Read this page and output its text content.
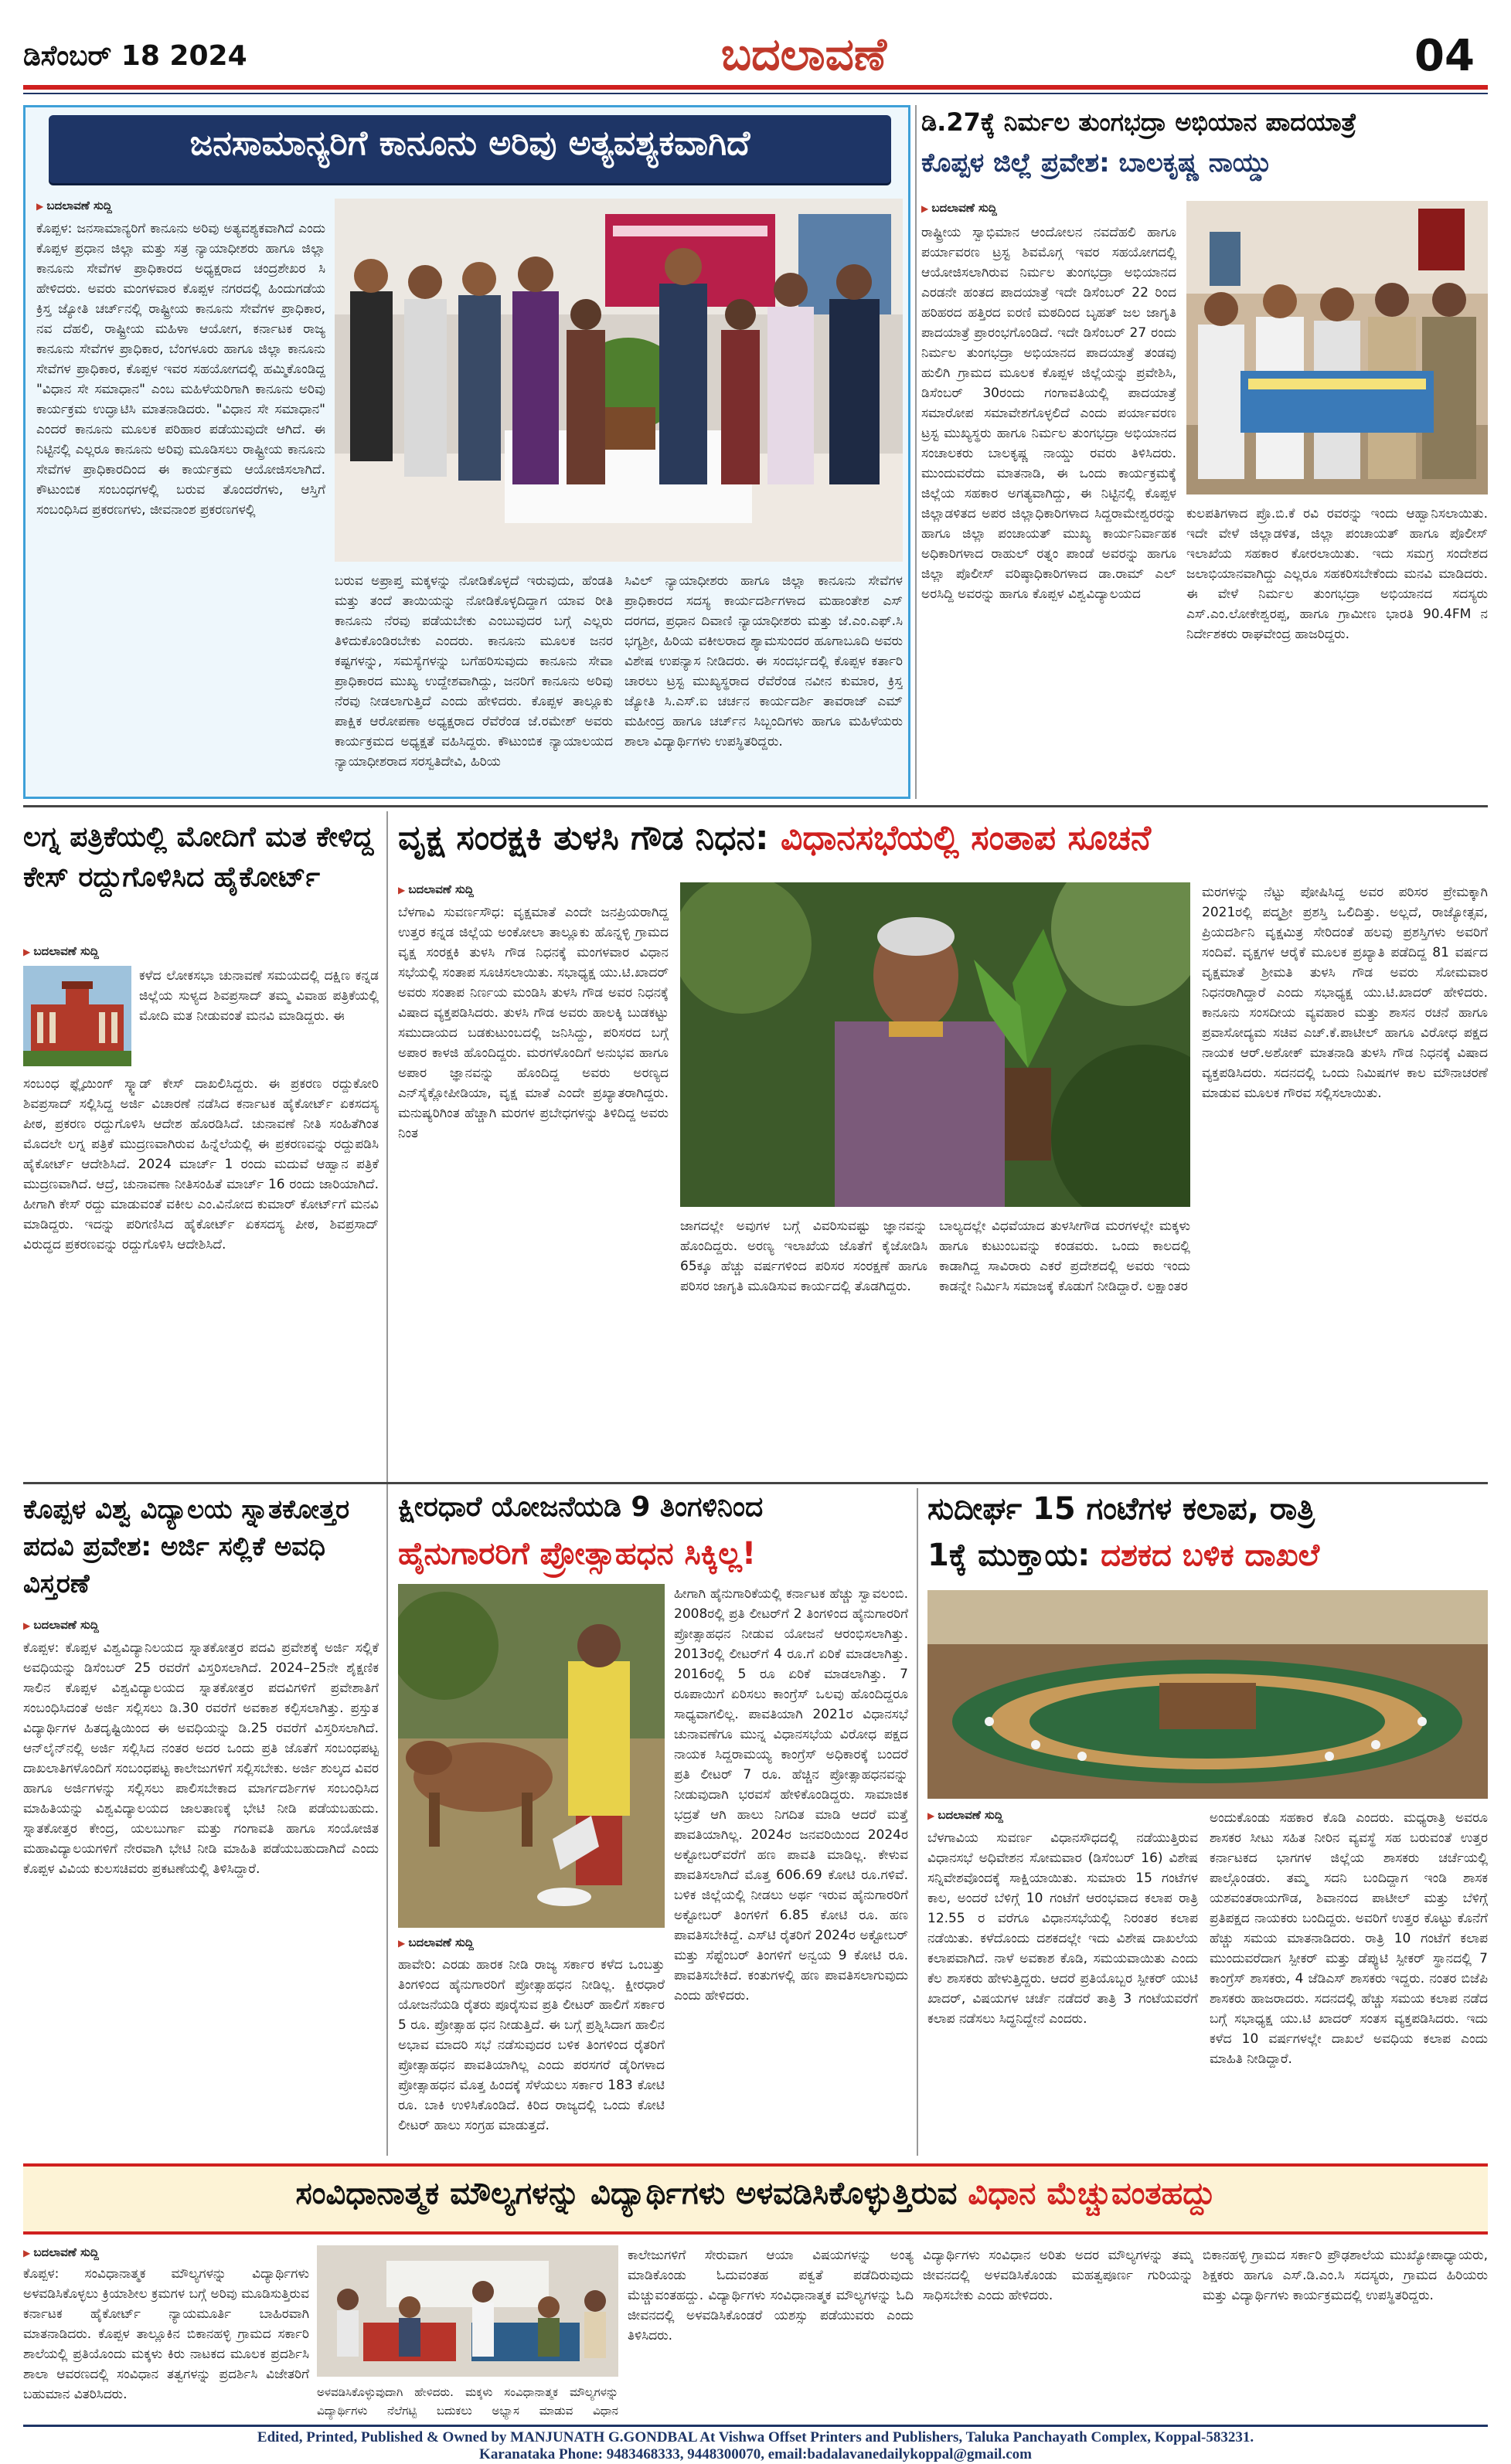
ಡಿಸೆಂಬರ್ 18 2024	ಬದಲಾವಣೆ	04
ಜನಸಾಮಾನ್ಯರಿಗೆ ಕಾನೂನು ಅರಿವು ಅತ್ಯವಶ್ಯಕವಾಗಿದೆ
▶ ಬದಲಾವಣೆ ಸುದ್ದಿ
ಕೊಪ್ಪಳ: ಜನಸಾಮಾನ್ಯರಿಗೆ ಕಾನೂನು ಅರಿವು ಅತ್ಯವಶ್ಯಕವಾಗಿದೆ ಎಂದು ಕೊಪ್ಪಳ ಪ್ರಧಾನ ಜಿಲ್ಲಾ ಮತ್ತು ಸತ್ರ ನ್ಯಾಯಾಧೀಶರು ಹಾಗೂ ಜಿಲ್ಲಾ ಕಾನೂನು ಸೇವೆಗಳ ಪ್ರಾಧಿಕಾರದ ಅಧ್ಯಕ್ಷರಾದ ಚಂದ್ರಶೇಖರ ಸಿ ಹೇಳಿದರು. ಅವರು ಮಂಗಳವಾರ ಕೊಪ್ಪಳ ನಗರದಲ್ಲಿ ಹಿಂದುಗಡೆಯ ಕ್ರಿಸ್ತ ಜ್ಯೋತಿ ಚರ್ಚ್‌ನಲ್ಲಿ ರಾಷ್ಟ್ರೀಯ ಕಾನೂನು ಸೇವೆಗಳ ಪ್ರಾಧಿಕಾರ, ನವ ದೆಹಲಿ, ರಾಷ್ಟ್ರೀಯ ಮಹಿಳಾ ಆಯೋಗ, ಕರ್ನಾಟಕ ರಾಜ್ಯ ಕಾನೂನು ಸೇವೆಗಳ ಪ್ರಾಧಿಕಾರ, ಬೆಂಗಳೂರು ಹಾಗೂ ಜಿಲ್ಲಾ ಕಾನೂನು ಸೇವೆಗಳ ಪ್ರಾಧಿಕಾರ, ಕೊಪ್ಪಳ ಇವರ ಸಹಯೋಗದಲ್ಲಿ ಹಮ್ಮಿಕೊಂಡಿದ್ದ "ವಿಧಾನ ಸೇ ಸಮಾಧಾನ" ಎಂಬ ಮಹಿಳೆಯರಿಗಾಗಿ ಕಾನೂನು ಅರಿವು ಕಾರ್ಯಕ್ರಮ ಉದ್ಘಾಟಿಸಿ ಮಾತನಾಡಿದರು. "ವಿಧಾನ ಸೇ ಸಮಾಧಾನ" ಎಂದರೆ ಕಾನೂನು ಮೂಲಕ ಪರಿಹಾರ ಪಡೆಯುವುದೇ ಆಗಿದೆ. ಈ ನಿಟ್ಟಿನಲ್ಲಿ ಎಲ್ಲರೂ ಕಾನೂನು ಅರಿವು ಮೂಡಿಸಲು ರಾಷ್ಟ್ರೀಯ ಕಾನೂನು ಸೇವೆಗಳ ಪ್ರಾಧಿಕಾರದಿಂದ ಈ ಕಾರ್ಯಕ್ರಮ ಆಯೋಜಿಸಲಾಗಿದೆ. ಕೌಟುಂಬಿಕ ಸಂಬಂಧಗಳಲ್ಲಿ ಬರುವ ತೊಂದರೆಗಳು, ಆಸ್ತಿಗೆ ಸಂಬಂಧಿಸಿದ ಪ್ರಕರಣಗಳು, ಜೀವನಾಂಶ ಪ್ರಕರಣಗಳಲ್ಲಿ
ಬರುವ ಅಪ್ರಾಪ್ತ ಮಕ್ಕಳನ್ನು ನೋಡಿಕೊಳ್ಳದೆ ಇರುವುದು, ಹೆಂಡತಿ ಮತ್ತು ತಂದೆ ತಾಯಿಯನ್ನು ನೋಡಿಕೊಳ್ಳದಿದ್ದಾಗ ಯಾವ ರೀತಿ ಕಾನೂನು ನೆರವು ಪಡೆಯಬೇಕು ಎಂಬುವುದರ ಬಗ್ಗೆ ಎಲ್ಲರು ತಿಳಿದುಕೊಂಡಿರಬೇಕು ಎಂದರು. ಕಾನೂನು ಮೂಲಕ ಜನರ ಕಷ್ಟಗಳನ್ನು, ಸಮಸ್ಯೆಗಳನ್ನು ಬಗೆಹರಿಸುವುದು ಕಾನೂನು ಸೇವಾ ಪ್ರಾಧಿಕಾರದ ಮುಖ್ಯ ಉದ್ದೇಶವಾಗಿದ್ದು, ಜನರಿಗೆ ಕಾನೂನು ಅರಿವು ನೆರವು ನೀಡಲಾಗುತ್ತಿದೆ ಎಂದು ಹೇಳಿದರು. ಕೊಪ್ಪಳ ತಾಲ್ಲೂಕು ಪಾಕ್ಷಿಕ ಆರೋಪಣಾ ಅಧ್ಯಕ್ಷರಾದ ರೆವೆರೆಂಡ ಜೆ.ರಮೇಶ್ ಅವರು ಕಾರ್ಯಕ್ರಮದ ಅಧ್ಯಕ್ಷತೆ ವಹಿಸಿದ್ದರು. ಕೌಟುಂಬಿಕ ನ್ಯಾಯಾಲಯದ ನ್ಯಾಯಾಧೀಶರಾದ ಸರಸ್ವತಿದೇವಿ, ಹಿರಿಯ
ಸಿವಿಲ್ ನ್ಯಾಯಾಧೀಶರು ಹಾಗೂ ಜಿಲ್ಲಾ ಕಾನೂನು ಸೇವೆಗಳ ಪ್ರಾಧಿಕಾರದ ಸದಸ್ಯ ಕಾರ್ಯದರ್ಶಿಗಳಾದ ಮಹಾಂತೇಶ ಎಸ್ ದರಗದ, ಪ್ರಧಾನ ದಿವಾಣಿ ನ್ಯಾಯಾಧೀಶರು ಮತ್ತು ಜೆ.ಎಂ.ಎಫ್.ಸಿ ಭಗ್ಯಶ್ರೀ, ಹಿರಿಯ ವಕೀಲರಾದ ಶ್ಯಾಮಸುಂದರ ಹೂಗಾಬೂದಿ ಅವರು ವಿಶೇಷ ಉಪನ್ಯಾಸ ನೀಡಿದರು. ಈ ಸಂದರ್ಭದಲ್ಲಿ ಕೊಪ್ಪಳ ಕರ್ತಾರಿ ಚಾರಲು ಟ್ರಸ್ಟ ಮುಖ್ಯಸ್ಥರಾದ ರೆವೆರೆಂಡ ನವೀನ ಕುಮಾರ, ಕ್ರಿಸ್ತ ಜ್ಯೋತಿ ಸಿ.ಎಸ್.ಐ ಚರ್ಚನ ಕಾರ್ಯದರ್ಶಿ ತಾವರಾಜ್ ಎಮ್ ಮಹೀಂದ್ರ ಹಾಗೂ ಚರ್ಚ್‌ನ ಸಿಬ್ಬಂದಿಗಳು ಹಾಗೂ ಮಹಿಳೆಯರು ಶಾಲಾ ವಿದ್ಯಾರ್ಥಿಗಳು ಉಪಸ್ಥಿತರಿದ್ದರು.
ಡಿ.27ಕ್ಕೆ ನಿರ್ಮಲ ತುಂಗಭದ್ರಾ ಅಭಿಯಾನ ಪಾದಯಾತ್ರೆ
ಕೊಪ್ಪಳ ಜಿಲ್ಲೆ ಪ್ರವೇಶ: ಬಾಲಕೃಷ್ಣ ನಾಯ್ಡು
▶ ಬದಲಾವಣೆ ಸುದ್ದಿ
ರಾಷ್ಟ್ರೀಯ ಸ್ವಾಭಿಮಾನ ಆಂದೋಲನ ನವದೆಹಲಿ ಹಾಗೂ ಪರ್ಯಾವರಣ ಟ್ರಸ್ಟ ಶಿವಮೊಗ್ಗ ಇವರ ಸಹಯೋಗದಲ್ಲಿ ಆಯೋಜಿಸಲಾಗಿರುವ ನಿರ್ಮಲ ತುಂಗಭದ್ರಾ ಅಭಿಯಾನದ ಎರಡನೇ ಹಂತದ ಪಾದಯಾತ್ರೆ ಇದೇ ಡಿಸೆಂಬರ್ 22 ರಿಂದ ಹರಿಹರದ ಹತ್ತಿರದ ಐರಣಿ ಮಠದಿಂದ ಬೃಹತ್ ಜಲ ಜಾಗೃತಿ ಪಾದಯಾತ್ರೆ ಪ್ರಾರಂಭಗೊಂಡಿದೆ. ಇದೇ ಡಿಸೆಂಬರ್ 27 ರಂದು ನಿರ್ಮಲ ತುಂಗಭದ್ರಾ ಅಭಿಯಾನದ ಪಾದಯಾತ್ರೆ ತಂಡವು ಹುಲಿಗಿ ಗ್ರಾಮದ ಮೂಲಕ ಕೊಪ್ಪಳ ಜಿಲ್ಲೆಯನ್ನು ಪ್ರವೇಶಿಸಿ, ಡಿಸೆಂಬರ್ 30ರಂದು ಗಂಗಾವತಿಯಲ್ಲಿ ಪಾದಯಾತ್ರೆ ಸಮಾರೋಪ ಸಮಾವೇಶಗೊಳ್ಳಲಿದೆ ಎಂದು ಪರ್ಯಾವರಣ ಟ್ರಸ್ಟ ಮುಖ್ಯಸ್ಥರು ಹಾಗೂ ನಿರ್ಮಲ ತುಂಗಭದ್ರಾ ಅಭಿಯಾನದ ಸಂಚಾಲಕರು ಬಾಲಕೃಷ್ಣ ನಾಯ್ಡು ರವರು ತಿಳಿಸಿದರು. ಮುಂದುವರೆದು ಮಾತನಾಡಿ, ಈ ಒಂದು ಕಾರ್ಯಕ್ರಮಕ್ಕೆ ಜಿಲ್ಲೆಯ ಸಹಕಾರ ಅಗತ್ಯವಾಗಿದ್ದು, ಈ ನಿಟ್ಟಿನಲ್ಲಿ ಕೊಪ್ಪಳ ಜಿಲ್ಲಾಡಳಿತದ ಅಪರ ಜಿಲ್ಲಾಧಿಕಾರಿಗಳಾದ ಸಿದ್ದರಾಮೇಶ್ವರರನ್ನು ಹಾಗೂ ಜಿಲ್ಲಾ ಪಂಚಾಯತ್ ಮುಖ್ಯ ಕಾರ್ಯನಿರ್ವಾಹಕ ಅಧಿಕಾರಿಗಳಾದ ರಾಹುಲ್ ರತ್ನಂ ಪಾಂಡೆ ಅವರನ್ನು ಹಾಗೂ ಜಿಲ್ಲಾ ಪೊಲೀಸ್ ವರಿಷ್ಠಾಧಿಕಾರಿಗಳಾದ ಡಾ.ರಾಮ್ ಎಲ್ ಅರಸಿದ್ದಿ ಅವರನ್ನು ಹಾಗೂ ಕೊಪ್ಪಳ ವಿಶ್ವವಿದ್ಯಾಲಯದ
ಕುಲಪತಿಗಳಾದ ಪ್ರೊ.ಬಿ.ಕೆ ರವಿ ರವರನ್ನು ಇಂದು ಆಹ್ವಾನಿಸಲಾಯಿತು. ಇದೇ ವೇಳೆ ಜಿಲ್ಲಾಡಳಿತ, ಜಿಲ್ಲಾ ಪಂಚಾಯತ್ ಹಾಗೂ ಪೊಲೀಸ್ ಇಲಾಖೆಯ ಸಹಕಾರ ಕೋರಲಾಯಿತು. ಇದು ಸಮಗ್ರ ಸಂದೇಶದ ಜಲಾಭಿಯಾನವಾಗಿದ್ದು ಎಲ್ಲರೂ ಸಹಕರಿಸಬೇಕೆಂದು ಮನವಿ ಮಾಡಿದರು. ಈ ವೇಳೆ ನಿರ್ಮಲ ತುಂಗಭದ್ರಾ ಅಭಿಯಾನದ ಸದಸ್ಯರು ಎಸ್.ಎಂ.ಲೋಕೇಶ್ವರಪ್ಪ, ಹಾಗೂ ಗ್ರಾಮೀಣ ಭಾರತಿ 90.4FM ನ ನಿರ್ದೇಶಕರು ರಾಘವೇಂದ್ರ ಹಾಜರಿದ್ದರು.
ಲಗ್ನ ಪತ್ರಿಕೆಯಲ್ಲಿ ಮೋದಿಗೆ ಮತ ಕೇಳಿದ್ದ ಕೇಸ್ ರದ್ದುಗೊಳಿಸಿದ ಹೈಕೋರ್ಟ್
▶ ಬದಲಾವಣೆ ಸುದ್ದಿ
ಕಳೆದ ಲೋಕಸಭಾ ಚುನಾವಣೆ ಸಮಯದಲ್ಲಿ ದಕ್ಷಿಣ ಕನ್ನಡ ಜಿಲ್ಲೆಯ ಸುಳ್ಯದ ಶಿವಪ್ರಸಾದ್ ತಮ್ಮ ವಿವಾಹ ಪತ್ರಿಕೆಯಲ್ಲಿ ಮೋದಿ ಮತ ನೀಡುವಂತೆ ಮನವಿ ಮಾಡಿದ್ದರು. ಈ
ಸಂಬಂಧ ಫ್ಲೈಯಿಂಗ್ ಸ್ಕ್ವಾಡ್ ಕೇಸ್ ದಾಖಲಿಸಿದ್ದರು. ಈ ಪ್ರಕರಣ ರದ್ದುಕೋರಿ ಶಿವಪ್ರಸಾದ್ ಸಲ್ಲಿಸಿದ್ದ ಅರ್ಜಿ ವಿಚಾರಣೆ ನಡೆಸಿದ ಕರ್ನಾಟಕ ಹೈಕೋರ್ಟ್ ಏಕಸದಸ್ಯ ಪೀಠ, ಪ್ರಕರಣ ರದ್ದುಗೊಳಿಸಿ ಆದೇಶ ಹೊರಡಿಸಿದೆ. ಚುನಾವಣೆ ನೀತಿ ಸಂಹಿತೆಗಿಂತ ಮೊದಲೇ ಲಗ್ನ ಪತ್ರಿಕೆ ಮುದ್ರಣವಾಗಿರುವ ಹಿನ್ನೆಲೆಯಲ್ಲಿ ಈ ಪ್ರಕರಣವನ್ನು ರದ್ದುಪಡಿಸಿ ಹೈಕೋರ್ಟ್ ಆದೇಶಿಸಿದೆ. 2024 ಮಾರ್ಚ್ 1 ರಂದು ಮದುವೆ ಆಹ್ವಾನ ಪತ್ರಿಕೆ ಮುದ್ರಣವಾಗಿದೆ. ಆದ್ರೆ, ಚುನಾವಣಾ ನೀತಿಸಂಹಿತೆ ಮಾರ್ಚ್ 16 ರಂದು ಜಾರಿಯಾಗಿದೆ. ಹೀಗಾಗಿ ಕೇಸ್ ರದ್ದು ಮಾಡುವಂತೆ ವಕೀಲ ಎಂ.ವಿನೋದ ಕುಮಾರ್ ಕೋರ್ಟ್‌ಗೆ ಮನವಿ ಮಾಡಿದ್ದರು. ಇದನ್ನು ಪರಿಗಣಿಸಿದ ಹೈಕೋರ್ಟ್ ಏಕಸದಸ್ಯ ಪೀಠ, ಶಿವಪ್ರಸಾದ್ ವಿರುದ್ಧದ ಪ್ರಕರಣವನ್ನು ರದ್ದುಗೊಳಿಸಿ ಆದೇಶಿಸಿದೆ.
ವೃಕ್ಷ ಸಂರಕ್ಷಕಿ ತುಳಸಿ ಗೌಡ ನಿಧನ: ವಿಧಾನಸಭೆಯಲ್ಲಿ ಸಂತಾಪ ಸೂಚನೆ
▶ ಬದಲಾವಣೆ ಸುದ್ದಿ
ಬೆಳಗಾವಿ ಸುವರ್ಣಸೌಧ: ವೃಕ್ಷಮಾತೆ ಎಂದೇ ಜನಪ್ರಿಯರಾಗಿದ್ದ ಉತ್ತರ ಕನ್ನಡ ಜಿಲ್ಲೆಯ ಅಂಕೋಲಾ ತಾಲ್ಲೂಕು ಹೊನ್ನಳ್ಳಿ ಗ್ರಾಮದ ವೃಕ್ಷ ಸಂರಕ್ಷಕಿ ತುಳಸಿ ಗೌಡ ನಿಧನಕ್ಕೆ ಮಂಗಳವಾರ ವಿಧಾನ ಸಭೆಯಲ್ಲಿ ಸಂತಾಪ ಸೂಚಿಸಲಾಯಿತು. ಸಭಾಧ್ಯಕ್ಷ ಯು.ಟಿ.ಖಾದರ್ ಅವರು ಸಂತಾಪ ನಿರ್ಣಯ ಮಂಡಿಸಿ ತುಳಸಿ ಗೌಡ ಅವರ ನಿಧನಕ್ಕೆ ವಿಷಾದ ವ್ಯಕ್ತಪಡಿಸಿದರು. ತುಳಸಿ ಗೌಡ ಅವರು ಹಾಲಕ್ಕಿ ಬುಡಕಟ್ಟು ಸಮುದಾಯದ ಬಡಕುಟುಂಬದಲ್ಲಿ ಜನಿಸಿದ್ದು, ಪರಿಸರದ ಬಗ್ಗೆ ಅಪಾರ ಕಾಳಜಿ ಹೊಂದಿದ್ದರು. ಮರಗಳೊಂದಿಗೆ ಅನುಭವ ಹಾಗೂ ಅಪಾರ ಜ್ಞಾನವನ್ನು ಹೊಂದಿದ್ದ ಅವರು ಅರಣ್ಯದ ಎನ್‌ಸೈಕ್ಲೋಪೀಡಿಯಾ, ವೃಕ್ಷ ಮಾತೆ ಎಂದೇ ಪ್ರಖ್ಯಾತರಾಗಿದ್ದರು. ಮನುಷ್ಯರಿಗಿಂತ ಹೆಚ್ಚಾಗಿ ಮರಗಳ ಪ್ರಬೇಧಗಳನ್ನು ತಿಳಿದಿದ್ದ ಅವರು ನಿಂತ
ಜಾಗದಲ್ಲೇ ಅವುಗಳ ಬಗ್ಗೆ ವಿವರಿಸುವಷ್ಟು ಜ್ಞಾನವನ್ನು ಹೊಂದಿದ್ದರು. ಅರಣ್ಯ ಇಲಾಖೆಯ ಜೊತೆಗೆ ಕೈಜೋಡಿಸಿ 65ಕ್ಕೂ ಹೆಚ್ಚು ವರ್ಷಗಳಿಂದ ಪರಿಸರ ಸಂರಕ್ಷಣೆ ಹಾಗೂ ಪರಿಸರ ಜಾಗೃತಿ ಮೂಡಿಸುವ ಕಾರ್ಯದಲ್ಲಿ ತೊಡಗಿದ್ದರು.
ಬಾಲ್ಯದಲ್ಲೇ ವಿಧವೆಯಾದ ತುಳಸೀಗೌಡ ಮರಗಳಲ್ಲೇ ಮಕ್ಕಳು ಹಾಗೂ ಕುಟುಂಬವನ್ನು ಕಂಡವರು. ಒಂದು ಕಾಲದಲ್ಲಿ ಕಾಡಾಗಿದ್ದ ಸಾವಿರಾರು ಎಕರೆ ಪ್ರದೇಶದಲ್ಲಿ ಅವರು ಇಂದು ಕಾಡನ್ನೇ ನಿರ್ಮಿಸಿ ಸಮಾಜಕ್ಕೆ ಕೊಡುಗೆ ನೀಡಿದ್ದಾರೆ. ಲಕ್ಷಾಂತರ
ಮರಗಳನ್ನು ನೆಟ್ಟು ಪೋಷಿಸಿದ್ದ ಅವರ ಪರಿಸರ ಪ್ರೇಮಕ್ಕಾಗಿ 2021ರಲ್ಲಿ ಪದ್ಮಶ್ರೀ ಪ್ರಶಸ್ತಿ ಒಲಿದಿತ್ತು. ಅಲ್ಲದೆ, ರಾಜ್ಯೋತ್ಸವ, ಪ್ರಿಯದರ್ಶಿನಿ ವೃಕ್ಷಮಿತ್ರ ಸೇರಿದಂತೆ ಹಲವು ಪ್ರಶಸ್ತಿಗಳು ಅವರಿಗೆ ಸಂದಿವೆ. ವೃಕ್ಷಗಳ ಆರೈಕೆ ಮೂಲಕ ಪ್ರಖ್ಯಾತಿ ಪಡೆದಿದ್ದ 81 ವರ್ಷದ ವೃಕ್ಷಮಾತೆ ಶ್ರೀಮತಿ ತುಳಸಿ ಗೌಡ ಅವರು ಸೋಮವಾರ ನಿಧನರಾಗಿದ್ದಾರೆ ಎಂದು ಸಭಾಧ್ಯಕ್ಷ ಯು.ಟಿ.ಖಾದರ್ ಹೇಳಿದರು. ಕಾನೂನು ಸಂಸದೀಯ ವ್ಯವಹಾರ ಮತ್ತು ಶಾಸನ ರಚನೆ ಹಾಗೂ ಪ್ರವಾಸೋದ್ಯಮ ಸಚಿವ ಎಚ್.ಕೆ.ಪಾಟೀಲ್ ಹಾಗೂ ವಿರೋಧ ಪಕ್ಷದ ನಾಯಕ ಆರ್.ಅಶೋಕ್ ಮಾತನಾಡಿ ತುಳಸಿ ಗೌಡ ನಿಧನಕ್ಕೆ ವಿಷಾದ ವ್ಯಕ್ತಪಡಿಸಿದರು. ಸದನದಲ್ಲಿ ಒಂದು ನಿಮಿಷಗಳ ಕಾಲ ಮೌನಾಚರಣೆ ಮಾಡುವ ಮೂಲಕ ಗೌರವ ಸಲ್ಲಿಸಲಾಯಿತು.
ಕೊಪ್ಪಳ ವಿಶ್ವ ವಿದ್ಯಾಲಯ ಸ್ನಾತಕೋತ್ತರ ಪದವಿ ಪ್ರವೇಶ: ಅರ್ಜಿ ಸಲ್ಲಿಕೆ ಅವಧಿ ವಿಸ್ತರಣೆ
▶ ಬದಲಾವಣೆ ಸುದ್ದಿ
ಕೊಪ್ಪಳ: ಕೊಪ್ಪಳ ವಿಶ್ವವಿದ್ಯಾನಿಲಯದ ಸ್ನಾತಕೋತ್ತರ ಪದವಿ ಪ್ರವೇಶಕ್ಕೆ ಅರ್ಜಿ ಸಲ್ಲಿಕೆ ಅವಧಿಯನ್ನು ಡಿಸೆಂಬರ್ 25 ರವರೆಗೆ ವಿಸ್ತರಿಸಲಾಗಿದೆ. 2024–25ನೇ ಶೈಕ್ಷಣಿಕ ಸಾಲಿನ ಕೊಪ್ಪಳ ವಿಶ್ವವಿದ್ಯಾಲಯದ ಸ್ನಾತಕೋತ್ತರ ಪದವಿಗಳಿಗೆ ಪ್ರವೇಶಾತಿಗೆ ಸಂಬಂಧಿಸಿದಂತೆ ಅರ್ಜಿ ಸಲ್ಲಿಸಲು ಡಿ.30 ರವರೆಗೆ ಅವಕಾಶ ಕಲ್ಪಿಸಲಾಗಿತ್ತು. ಪ್ರಸ್ತುತ ವಿದ್ಯಾರ್ಥಿಗಳ ಹಿತದೃಷ್ಟಿಯಿಂದ ಈ ಅವಧಿಯನ್ನು ಡಿ.25 ರವರೆಗೆ ವಿಸ್ತರಿಸಲಾಗಿದೆ. ಆನ್‌ಲೈನ್‌ನಲ್ಲಿ ಅರ್ಜಿ ಸಲ್ಲಿಸಿದ ನಂತರ ಅದರ ಒಂದು ಪ್ರತಿ ಜೊತೆಗೆ ಸಂಬಂಧಪಟ್ಟ ದಾಖಲಾತಿಗಳೊಂದಿಗೆ ಸಂಬಂಧಪಟ್ಟ ಕಾಲೇಜುಗಳಿಗೆ ಸಲ್ಲಿಸಬೇಕು. ಅರ್ಜಿ ಶುಲ್ಕದ ವಿವರ ಹಾಗೂ ಅರ್ಜಿಗಳನ್ನು ಸಲ್ಲಿಸಲು ಪಾಲಿಸಬೇಕಾದ ಮಾರ್ಗದರ್ಶಿಗಳ ಸಂಬಂಧಿಸಿದ ಮಾಹಿತಿಯನ್ನು ವಿಶ್ವವಿದ್ಯಾಲಯದ ಜಾಲತಾಣಕ್ಕೆ ಭೇಟಿ ನೀಡಿ ಪಡೆಯಬಹುದು. ಸ್ನಾತಕೋತ್ತರ ಕೇಂದ್ರ, ಯಲಬುರ್ಗಾ ಮತ್ತು ಗಂಗಾವತಿ ಹಾಗೂ ಸಂಯೋಜಿತ ಮಹಾವಿದ್ಯಾಲಯಗಳಿಗೆ ನೇರವಾಗಿ ಭೇಟಿ ನೀಡಿ ಮಾಹಿತಿ ಪಡೆಯಬಹುದಾಗಿದೆ ಎಂದು ಕೊಪ್ಪಳ ವಿವಿಯ ಕುಲಸಚಿವರು ಪ್ರಕಟಣೆಯಲ್ಲಿ ತಿಳಿಸಿದ್ದಾರೆ.
ಕ್ಷೀರಧಾರೆ ಯೋಜನೆಯಡಿ 9 ತಿಂಗಳಿನಿಂದ
ಹೈನುಗಾರರಿಗೆ ಪ್ರೋತ್ಸಾಹಧನ ಸಿಕ್ಕಿಲ್ಲ!
▶ ಬದಲಾವಣೆ ಸುದ್ದಿ
ಹಾವೇರಿ: ಎರಡು ಹಾರಕ ನೀಡಿ ರಾಜ್ಯ ಸರ್ಕಾರ ಕಳೆದ ಒಂಬತ್ತು ತಿಂಗಳಿಂದ ಹೈನುಗಾರರಿಗೆ ಪ್ರೋತ್ಸಾಹಧನ ನೀಡಿಲ್ಲ. ಕ್ಷೀರಧಾರೆ ಯೋಜನೆಯಡಿ ರೈತರು ಪೂರೈಸುವ ಪ್ರತಿ ಲೀಟರ್ ಹಾಲಿಗೆ ಸರ್ಕಾರ 5 ರೂ. ಪ್ರೋತ್ಸಾಹ ಧನ ನೀಡುತ್ತಿದೆ. ಈ ಬಗ್ಗೆ ಪ್ರಶ್ನಿಸಿದಾಗ ಹಾಲಿನ ಅಭಾವ ಮಾದರಿ ಸಭೆ ನಡೆಸುವುದರ ಬಳಿಕ ತಿಂಗಳಿಂದ ರೈತರಿಗೆ ಪ್ರೋತ್ಸಾಹಧನ ಪಾವತಿಯಾಗಿಲ್ಲ ಎಂದು ಪರಸಗರೆ ಡೈರಿಗಳಾದ ಪ್ರೋತ್ಸಾಹಧನ ಮೊತ್ತ ಹಿಂದಕ್ಕೆ ಸೆಳೆಯಲು ಸರ್ಕಾರ 183 ಕೋಟಿ ರೂ. ಬಾಕಿ ಉಳಿಸಿಕೊಂಡಿದೆ. ಕಿರಿದ ರಾಜ್ಯದಲ್ಲಿ ಒಂದು ಕೋಟಿ ಲೀಟರ್ ಹಾಲು ಸಂಗ್ರಹ ಮಾಡುತ್ತದೆ.
ಹೀಗಾಗಿ ಹೈನುಗಾರಿಕೆಯಲ್ಲಿ ಕರ್ನಾಟಕ ಹೆಚ್ಚು ಸ್ವಾವಲಂಬಿ. 2008ರಲ್ಲಿ ಪ್ರತಿ ಲೀಟರ್‌ಗೆ 2 ತಿಂಗಳಿಂದ ಹೈನುಗಾರರಿಗೆ ಪ್ರೋತ್ಸಾಹಧನ ನೀಡುವ ಯೋಜನೆ ಆರಂಭಿಸಲಾಗಿತ್ತು. 2013ರಲ್ಲಿ ಲೀಟರ್‌ಗೆ 4 ರೂ.ಗೆ ಏರಿಕೆ ಮಾಡಲಾಗಿತ್ತು. 2016ರಲ್ಲಿ 5 ರೂ ಏರಿಕೆ ಮಾಡಲಾಗಿತ್ತು. 7 ರೂಪಾಯಿಗೆ ಏರಿಸಲು ಕಾಂಗ್ರೆಸ್ ಒಲವು ಹೊಂದಿದ್ದರೂ ಸಾಧ್ಯವಾಗಲಿಲ್ಲ. ಪಾವತಿಯಾಗಿ 2021ರ ವಿಧಾನಸಭೆ ಚುನಾವಣೆಗೂ ಮುನ್ನ ವಿಧಾನಸಭೆಯ ವಿರೋಧ ಪಕ್ಷದ ನಾಯಕ ಸಿದ್ದರಾಮಯ್ಯ ಕಾಂಗ್ರೆಸ್ ಅಧಿಕಾರಕ್ಕೆ ಬಂದರೆ ಪ್ರತಿ ಲೀಟರ್ 7 ರೂ. ಹೆಚ್ಚಿನ ಪ್ರೋತ್ಸಾಹಧನವನ್ನು ನೀಡುವುದಾಗಿ ಭರವಸೆ ಹೇಳಿಕೊಂಡಿದ್ದರು. ಸಾಮಾಜಿಕ ಭದ್ರತೆ ಆಗಿ ಹಾಲು ನಿಗದಿತ ಮಾಡಿ ಆದರೆ ಮತ್ತೆ ಪಾವತಿಯಾಗಿಲ್ಲ. 2024ರ ಜನವರಿಯಿಂದ 2024ರ ಅಕ್ಟೋಬರ್‌ವರೆಗೆ ಹಣ ಪಾವತಿ ಮಾಡಿಲ್ಲ. ಕೇಳುವ ಪಾವತಿಸಲಾಗಿದೆ ಮೊತ್ತ 606.69 ಕೋಟಿ ರೂ.ಗಳಿವೆ. ಬಳಿಕ ಜಿಲ್ಲೆಯಲ್ಲಿ ನೀಡಲು ಅರ್ಥ ಇರುವ ಹೈನುಗಾರರಿಗೆ ಅಕ್ಟೋಬರ್ ತಿಂಗಳಿಗೆ 6.85 ಕೋಟಿ ರೂ. ಹಣ ಪಾವತಿಸಬೇಕಿದ್ದೆ. ಎಸ್‌ಟಿ ರೈತರಿಗೆ 2024ರ ಅಕ್ಟೋಬರ್ ಮತ್ತು ಸೆಪ್ಟೆಂಬರ್ ತಿಂಗಳಿಗೆ ಅನ್ವಯ 9 ಕೋಟಿ ರೂ. ಪಾವತಿಸಬೇಕಿದೆ. ಕಂತುಗಳಲ್ಲಿ ಹಣ ಪಾವತಿಸಲಾಗುವುದು ಎಂದು ಹೇಳಿದರು.
ಸುದೀರ್ಘ 15 ಗಂಟೆಗಳ ಕಲಾಪ, ರಾತ್ರಿ
1ಕ್ಕೆ ಮುಕ್ತಾಯ: ದಶಕದ ಬಳಿಕ ದಾಖಲೆ
▶ ಬದಲಾವಣೆ ಸುದ್ದಿ
ಬೆಳಗಾವಿಯ ಸುವರ್ಣ ವಿಧಾನಸೌಧದಲ್ಲಿ ನಡೆಯುತ್ತಿರುವ ವಿಧಾನಸಭೆ ಅಧಿವೇಶನ ಸೋಮವಾರ (ಡಿಸೆಂಬರ್ 16) ವಿಶೇಷ ಸನ್ನಿವೇಶವೊಂದಕ್ಕೆ ಸಾಕ್ಷಿಯಾಯಿತು. ಸುಮಾರು 15 ಗಂಟೆಗಳ ಕಾಲ, ಅಂದರೆ ಬೆಳಿಗ್ಗೆ 10 ಗಂಟೆಗೆ ಆರಂಭವಾದ ಕಲಾಪ ರಾತ್ರಿ 12.55 ರ ವರೆಗೂ ವಿಧಾನಸಭೆಯಲ್ಲಿ ನಿರಂತರ ಕಲಾಪ ನಡೆಯಿತು. ಕಳೆದೊಂದು ದಶಕದಲ್ಲೇ ಇದು ವಿಶೇಷ ದಾಖಲೆಯ ಕಲಾಪವಾಗಿದೆ. ನಾಳೆ ಅವಕಾಶ ಕೊಡಿ, ಸಮಯವಾಯಿತು ಎಂದು ಕೆಲ ಶಾಸಕರು ಹೇಳುತ್ತಿದ್ದರು. ಆದರೆ ಪ್ರತಿಯೊಬ್ಬರ ಸ್ಪೀಕರ್ ಯುಟಿ ಖಾದರ್, ವಿಷಯಗಳ ಚರ್ಚೆ ನಡೆದರೆ ತಾತ್ರಿ 3 ಗಂಟೆಯವರೆಗೆ ಕಲಾಪ ನಡೆಸಲು ಸಿದ್ಧನಿದ್ದೇನೆ ಎಂದರು.
ಅಂದುಕೊಂಡು ಸಹಕಾರ ಕೊಡಿ ಎಂದರು. ಮಧ್ಯರಾತ್ರಿ ಅವರೂ ಶಾಸಕರ ಸೀಟು ಸಹಿತ ನೀರಿನ ವ್ಯವಸ್ಥೆ ಸಹ ಬರುವಂತೆ ಉತ್ತರ ಕರ್ನಾಟಕದ ಭಾಗಗಳ ಜಿಲ್ಲೆಯ ಶಾಸಕರು ಚರ್ಚೆಯಲ್ಲಿ ಪಾಲ್ಗೊಂಡರು. ತಮ್ಮ ಸದನಿ ಬಂದಿದ್ದಾಗ ಇಂಡಿ ಶಾಸಕ ಯಶವಂತರಾಯಗೌಡ, ಶಿವಾನಂದ ಪಾಟೀಲ್ ಮತ್ತು ಬೆಳಿಗ್ಗೆ ಪ್ರತಿಪಕ್ಷದ ನಾಯಕರು ಬಂದಿದ್ದರು. ಅವರಿಗೆ ಉತ್ತರ ಕೊಟ್ಟು ಕೊನೆಗೆ ಹೆಚ್ಚು ಸಮಯ ಮಾತನಾಡಿದರು. ರಾತ್ರಿ 10 ಗಂಟೆಗೆ ಕಲಾಪ ಮುಂದುವರೆದಾಗ ಸ್ಪೀಕರ್ ಮತ್ತು ಡೆಪ್ಯುಟಿ ಸ್ಪೀಕರ್ ಸ್ಥಾನದಲ್ಲಿ 7 ಕಾಂಗ್ರೆಸ್ ಶಾಸಕರು, 4 ಜೆಡಿಎಸ್ ಶಾಸಕರು ಇದ್ದರು. ನಂತರ ಬಿಜೆಪಿ ಶಾಸಕರು ಹಾಜರಾದರು. ಸದನದಲ್ಲಿ ಹೆಚ್ಚು ಸಮಯ ಕಲಾಪ ನಡೆದ ಬಗ್ಗೆ ಸಭಾಧ್ಯಕ್ಷ ಯು.ಟಿ ಖಾದರ್ ಸಂತಸ ವ್ಯಕ್ತಪಡಿಸಿದರು. ಇದು ಕಳೆದ 10 ವರ್ಷಗಳಲ್ಲೇ ದಾಖಲೆ ಅವಧಿಯ ಕಲಾಪ ಎಂದು ಮಾಹಿತಿ ನೀಡಿದ್ದಾರೆ.
ಸಂವಿಧಾನಾತ್ಮಕ ಮೌಲ್ಯಗಳನ್ನು ವಿದ್ಯಾರ್ಥಿಗಳು ಅಳವಡಿಸಿಕೊಳ್ಳುತ್ತಿರುವ ವಿಧಾನ ಮೆಚ್ಚುವಂತಹದ್ದು
▶ ಬದಲಾವಣೆ ಸುದ್ದಿ
ಕೊಪ್ಪಳ: ಸಂವಿಧಾನಾತ್ಮಕ ಮೌಲ್ಯಗಳನ್ನು ವಿದ್ಯಾರ್ಥಿಗಳು ಅಳವಡಿಸಿಕೊಳ್ಳಲು ಕ್ರಿಯಾಶೀಲ ಕ್ರಮಗಳ ಬಗ್ಗೆ ಅರಿವು ಮೂಡಿಸುತ್ತಿರುವ ಕರ್ನಾಟಕ ಹೈಕೋರ್ಟ್ ನ್ಯಾಯಮೂರ್ತಿ ಬಾಹಿರವಾಗಿ ಮಾತನಾಡಿದರು. ಕೊಪ್ಪಳ ತಾಲ್ಲೂಕಿನ ಬಿಕಾನಹಳ್ಳಿ ಗ್ರಾಮದ ಸರ್ಕಾರಿ ಶಾಲೆಯಲ್ಲಿ ಪ್ರತಿಯೊಂದು ಮಕ್ಕಳು ಕಿರು ನಾಟಕದ ಮೂಲಕ ಪ್ರದರ್ಶಿಸಿ ಶಾಲಾ ಆವರಣದಲ್ಲಿ ಸಂವಿಧಾನ ತತ್ವಗಳನ್ನು ಪ್ರದರ್ಶಿಸಿ ವಿಜೇತರಿಗೆ ಬಹುಮಾನ ವಿತರಿಸಿದರು.	ಅಳವಡಿಸಿಕೊಳ್ಳುವುದಾಗಿ ಹೇಳಿದರು. ಮಕ್ಕಳು ಸಂವಿಧಾನಾತ್ಮಕ ಮೌಲ್ಯಗಳನ್ನು ವಿದ್ಯಾರ್ಥಿಗಳು ನೆಲೆಗಟ್ಟಿ ಬದುಕಲು ಅಭ್ಯಾಸ ಮಾಡುವ ವಿಧಾನ
ಕಾಲೇಜುಗಳಿಗೆ ಸೇರುವಾಗ ಆಯಾ ವಿಷಯಗಳನ್ನು ಅಂತ್ಯ ಮಾಡಿಕೊಂಡು ಓದುವಂತಹ ಪಕ್ವತೆ ಪಡೆದಿರುವುದು ಮೆಚ್ಚುವಂತಹದ್ದು. ವಿದ್ಯಾರ್ಥಿಗಳು ಸಂವಿಧಾನಾತ್ಮಕ ಮೌಲ್ಯಗಳನ್ನು ಓದಿ ಜೀವನದಲ್ಲಿ ಅಳವಡಿಸಿಕೊಂಡರೆ ಯಶಸ್ಸು ಪಡೆಯುವರು ಎಂದು ತಿಳಿಸಿದರು.
ವಿದ್ಯಾರ್ಥಿಗಳು ಸಂವಿಧಾನ ಅರಿತು ಅದರ ಮೌಲ್ಯಗಳನ್ನು ತಮ್ಮ ಜೀವನದಲ್ಲಿ ಅಳವಡಿಸಿಕೊಂಡು ಮಹತ್ವಪೂರ್ಣ ಗುರಿಯನ್ನು ಸಾಧಿಸಬೇಕು ಎಂದು ಹೇಳಿದರು.
ಬಿಕಾನಹಳ್ಳಿ ಗ್ರಾಮದ ಸರ್ಕಾರಿ ಪ್ರೌಢಶಾಲೆಯ ಮುಖ್ಯೋಪಾಧ್ಯಾಯರು, ಶಿಕ್ಷಕರು ಹಾಗೂ ಎಸ್.ಡಿ.ಎಂ.ಸಿ ಸದಸ್ಯರು, ಗ್ರಾಮದ ಹಿರಿಯರು ಮತ್ತು ವಿದ್ಯಾರ್ಥಿಗಳು ಕಾರ್ಯಕ್ರಮದಲ್ಲಿ ಉಪಸ್ಥಿತರಿದ್ದರು.
Edited, Printed, Published & Owned by MANJUNATH G.GONDBAL At Vishwa Offset Printers and Publishers, Taluka Panchayath Complex, Koppal-583231.
Karanataka Phone: 9483468333, 9448300070, email:badalavanedailykoppal@gmail.com
